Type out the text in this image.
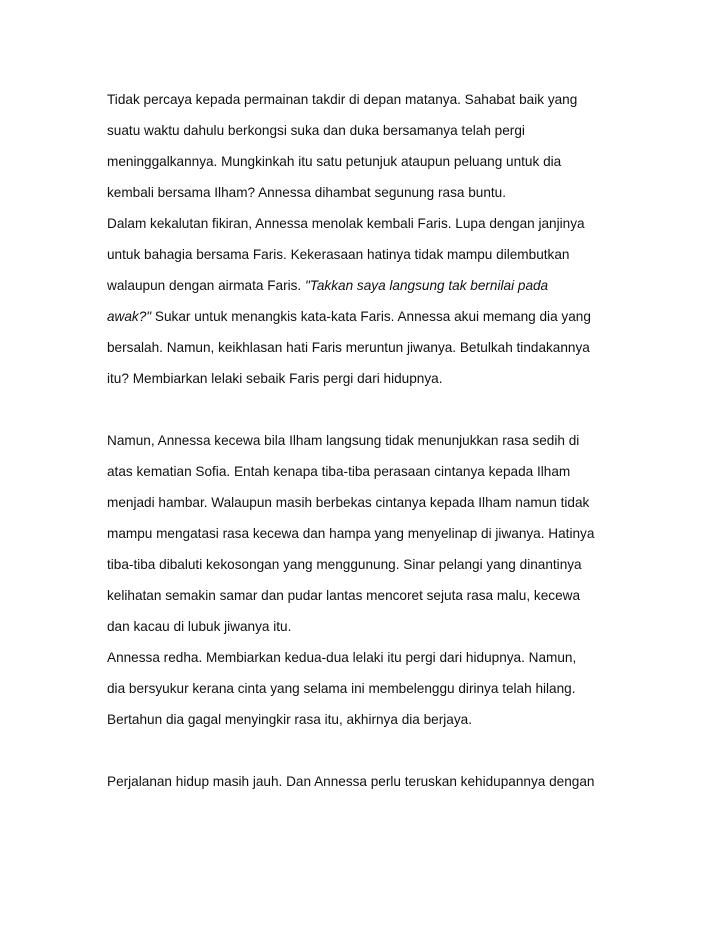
Tidak percaya kepada permainan takdir di depan matanya. Sahabat baik yang
suatu waktu dahulu berkongsi suka dan duka bersamanya telah pergi
meninggalkannya. Mungkinkah itu satu petunjuk ataupun peluang untuk dia
kembali bersama Ilham? Annessa dihambat segunung rasa buntu.
Dalam kekalutan fikiran, Annessa menolak kembali Faris. Lupa dengan janjinya
untuk bahagia bersama Faris. Kekerasaan hatinya tidak mampu dilembutkan
walaupun dengan airmata Faris. "Takkan saya langsung tak bernilai pada
awak?" Sukar untuk menangkis kata-kata Faris. Annessa akui memang dia yang
bersalah. Namun, keikhlasan hati Faris meruntun jiwanya. Betulkah tindakannya
itu? Membiarkan lelaki sebaik Faris pergi dari hidupnya.
Namun, Annessa kecewa bila Ilham langsung tidak menunjukkan rasa sedih di
atas kematian Sofia. Entah kenapa tiba-tiba perasaan cintanya kepada Ilham
menjadi hambar. Walaupun masih berbekas cintanya kepada Ilham namun tidak
mampu mengatasi rasa kecewa dan hampa yang menyelinap di jiwanya. Hatinya
tiba-tiba dibaluti kekosongan yang menggunung. Sinar pelangi yang dinantinya
kelihatan semakin samar dan pudar lantas mencoret sejuta rasa malu, kecewa
dan kacau di lubuk jiwanya itu.
Annessa redha. Membiarkan kedua-dua lelaki itu pergi dari hidupnya. Namun,
dia bersyukur kerana cinta yang selama ini membelenggu dirinya telah hilang.
Bertahun dia gagal menyingkir rasa itu, akhirnya dia berjaya.
Perjalanan hidup masih jauh. Dan Annessa perlu teruskan kehidupannya dengan
